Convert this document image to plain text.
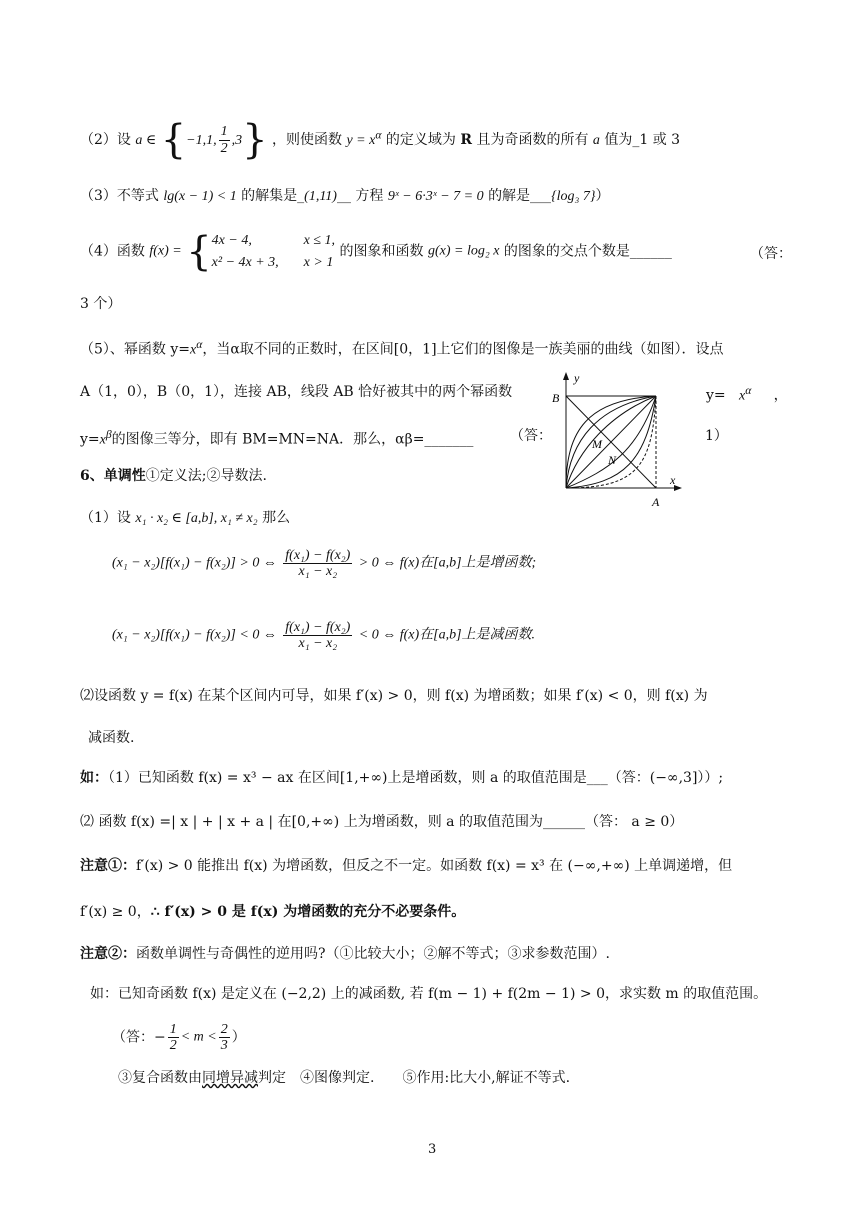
（2）设 a ∈ {−1,1, $\frac{1}{2} ,3$} ，则使函数 $y = x^\alpha$ 的定义域为 R 且为奇函数的所有 a 值为_1 或 3
（3）不等式 lg(x − 1) < 1 的解集是_(1,11)__ 方程 9ˣ − 6·3ˣ − 7 = 0 的解是___{log₃ 7}）
（4）函数 f(x) = { 4x − 4,	x ≤ 1,
x² − 4x + 3, x > 1
的图象和函数 g(x) = log₂ x 的图象的交点个数是______	（答：
3 个）
（5）、幂函数 $y=x^\alpha$，当α取不同的正数时，在区间[0，1]上它们的图像是一族美丽的曲线（如图）．设点
A（1，0），B（0，1），连接 AB，线段 AB 恰好被其中的两个幂函数	$y= x^\alpha$ ，
$y=x^\beta$的图像三等分，即有 BM=MN=NA．那么，αβ=_______	（答：	1）
y
x
B
A
M
N
6、单调性①定义法;②导数法.
（1）设 x₁ · x₂ ∈ [a,b], x₁ ≠ x₂ 那么
(x₁ − x₂)[f(x₁) − f(x₂)] > 0 ⇔ $\frac{\text{f(x₁) − f(x₂)}}{\text{x₁ − x₂}} > 0$ ⇔ f(x)在[a,b]上是增函数;
(x₁ − x₂)[f(x₁) − f(x₂)] < 0 ⇔ $\frac{\text{f(x₁) − f(x₂)}}{\text{x₁ − x₂}} < 0$ ⇔ f(x)在[a,b]上是减函数.
⑵设函数 y = f(x) 在某个区间内可导，如果 f′(x) > 0，则 f(x) 为增函数；如果 f′(x) < 0，则 f(x) 为
减函数.
如：（1）已知函数 f(x) = x³ − ax 在区间[1,+∞)上是增函数，则 a 的取值范围是___（答：(−∞,3]））;
⑵ 函数 f(x) =| x | + | x + a | 在[0,+∞) 上为增函数，则 a 的取值范围为______（答： a ≥ 0）
注意①：f′(x) > 0 能推出 f(x) 为增函数，但反之不一定。如函数 f(x) = x³ 在 (−∞,+∞) 上单调递增，但
f′(x) ≥ 0，∴ f′(x) > 0 是 f(x) 为增函数的充分不必要条件。
注意②：函数单调性与奇偶性的逆用吗?（①比较大小；②解不等式；③求参数范围）.
如：已知奇函数 f(x) 是定义在 (−2,2) 上的减函数, 若 f(m − 1) + f(2m − 1) > 0，求实数 m 的取值范围。
（答：− $\frac{1}{2} < m < \frac{2}{3}$ ）
③复合函数由同增异减判定　④图像判定.　　⑤作用:比大小,解证不等式.
3
